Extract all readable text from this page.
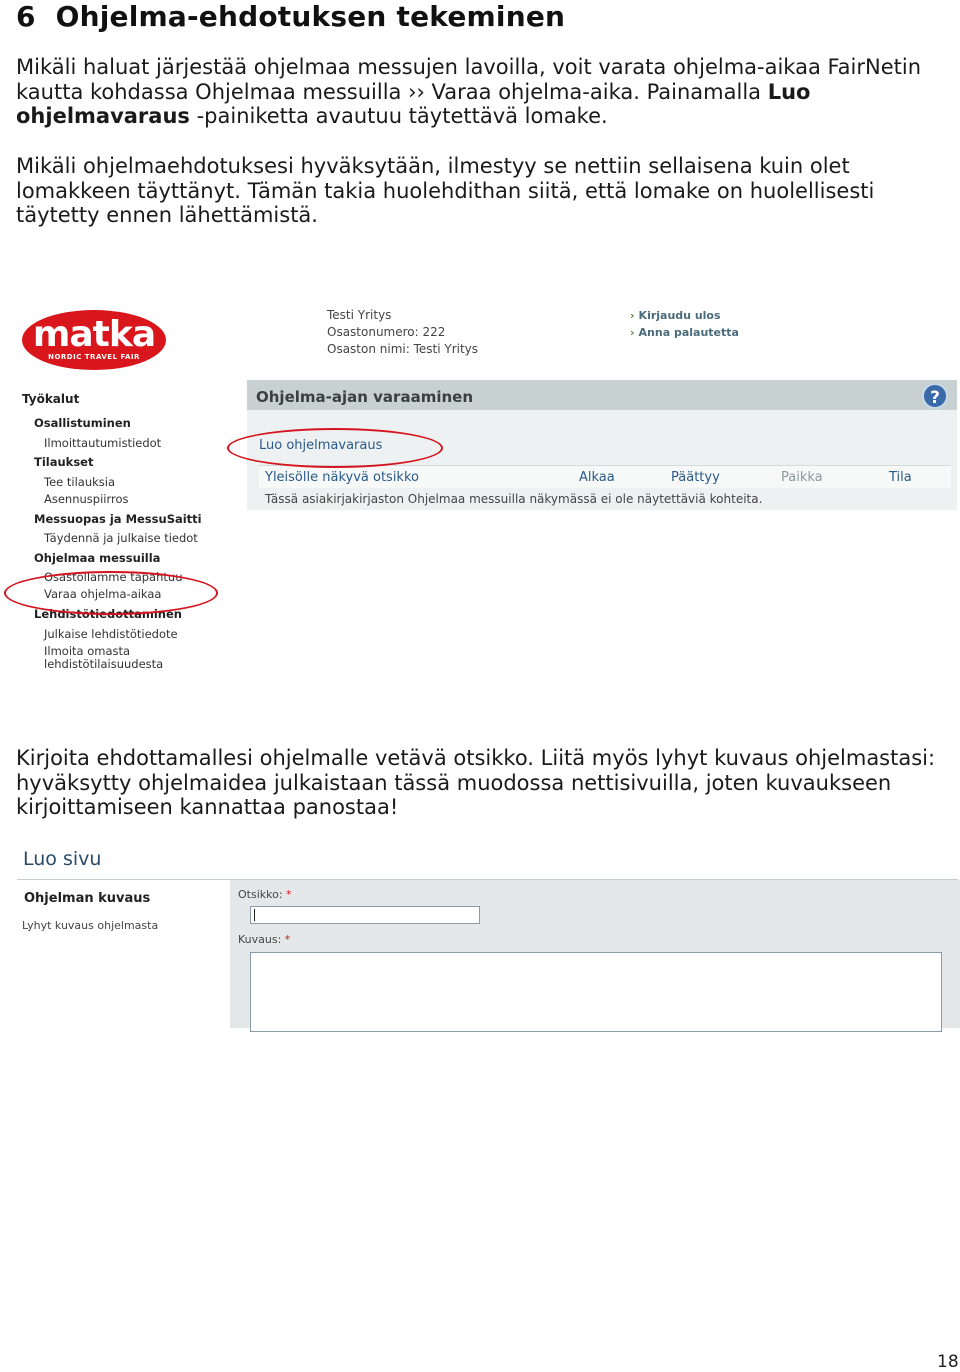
6 Ohjelma-ehdotuksen tekeminen

Mikäli haluat järjestää ohjelmaa messujen lavoilla, voit varata ohjelma-aikaa FairNetin kautta kohdassa Ohjelmaa messuilla ›› Varaa ohjelma-aika. Painamalla Luo ohjelmavaraus -painiketta avautuu täytettävä lomake.

Mikäli ohjelmaehdotuksesi hyväksytään, ilmestyy se nettiin sellaisena kuin olet lomakkeen täyttänyt. Tämän takia huolehdithan siitä, että lomake on huolellisesti täytetty ennen lähettämistä.

matka
NORDIC TRAVEL FAIR
Testi Yritys
Osastonumero: 222
Osaston nimi: Testi Yritys
› Kirjaudu ulos
› Anna palautetta
Työkalut
Osallistuminen
Ilmoittautumistiedot
Tilaukset
Tee tilauksia
Asennuspiirros
Messuopas ja MessuSaitti
Täydennä ja julkaise tiedot
Ohjelmaa messuilla
Osastollamme tapahtuu
Varaa ohjelma-aikaa
Lehdistötiedottaminen
Julkaise lehdistötiedote
Ilmoita omasta
lehdistötilaisuudesta
Ohjelma-ajan varaaminen	?
Luo ohjelmavaraus
Yleisölle näkyvä otsikko	Alkaa	Päättyy	Paikka	Tila
Tässä asiakirjakirjaston Ohjelmaa messuilla näkymässä ei ole näytettäviä kohteita.

Kirjoita ehdottamallesi ohjelmalle vetävä otsikko. Liitä myös lyhyt kuvaus ohjelmastasi: hyväksytty ohjelmaidea julkaistaan tässä muodossa nettisivuilla, joten kuvaukseen kirjoittamiseen kannattaa panostaa!

Luo sivu
Ohjelman kuvaus
Lyhyt kuvaus ohjelmasta
Otsikko: *
Kuvaus: *
18
